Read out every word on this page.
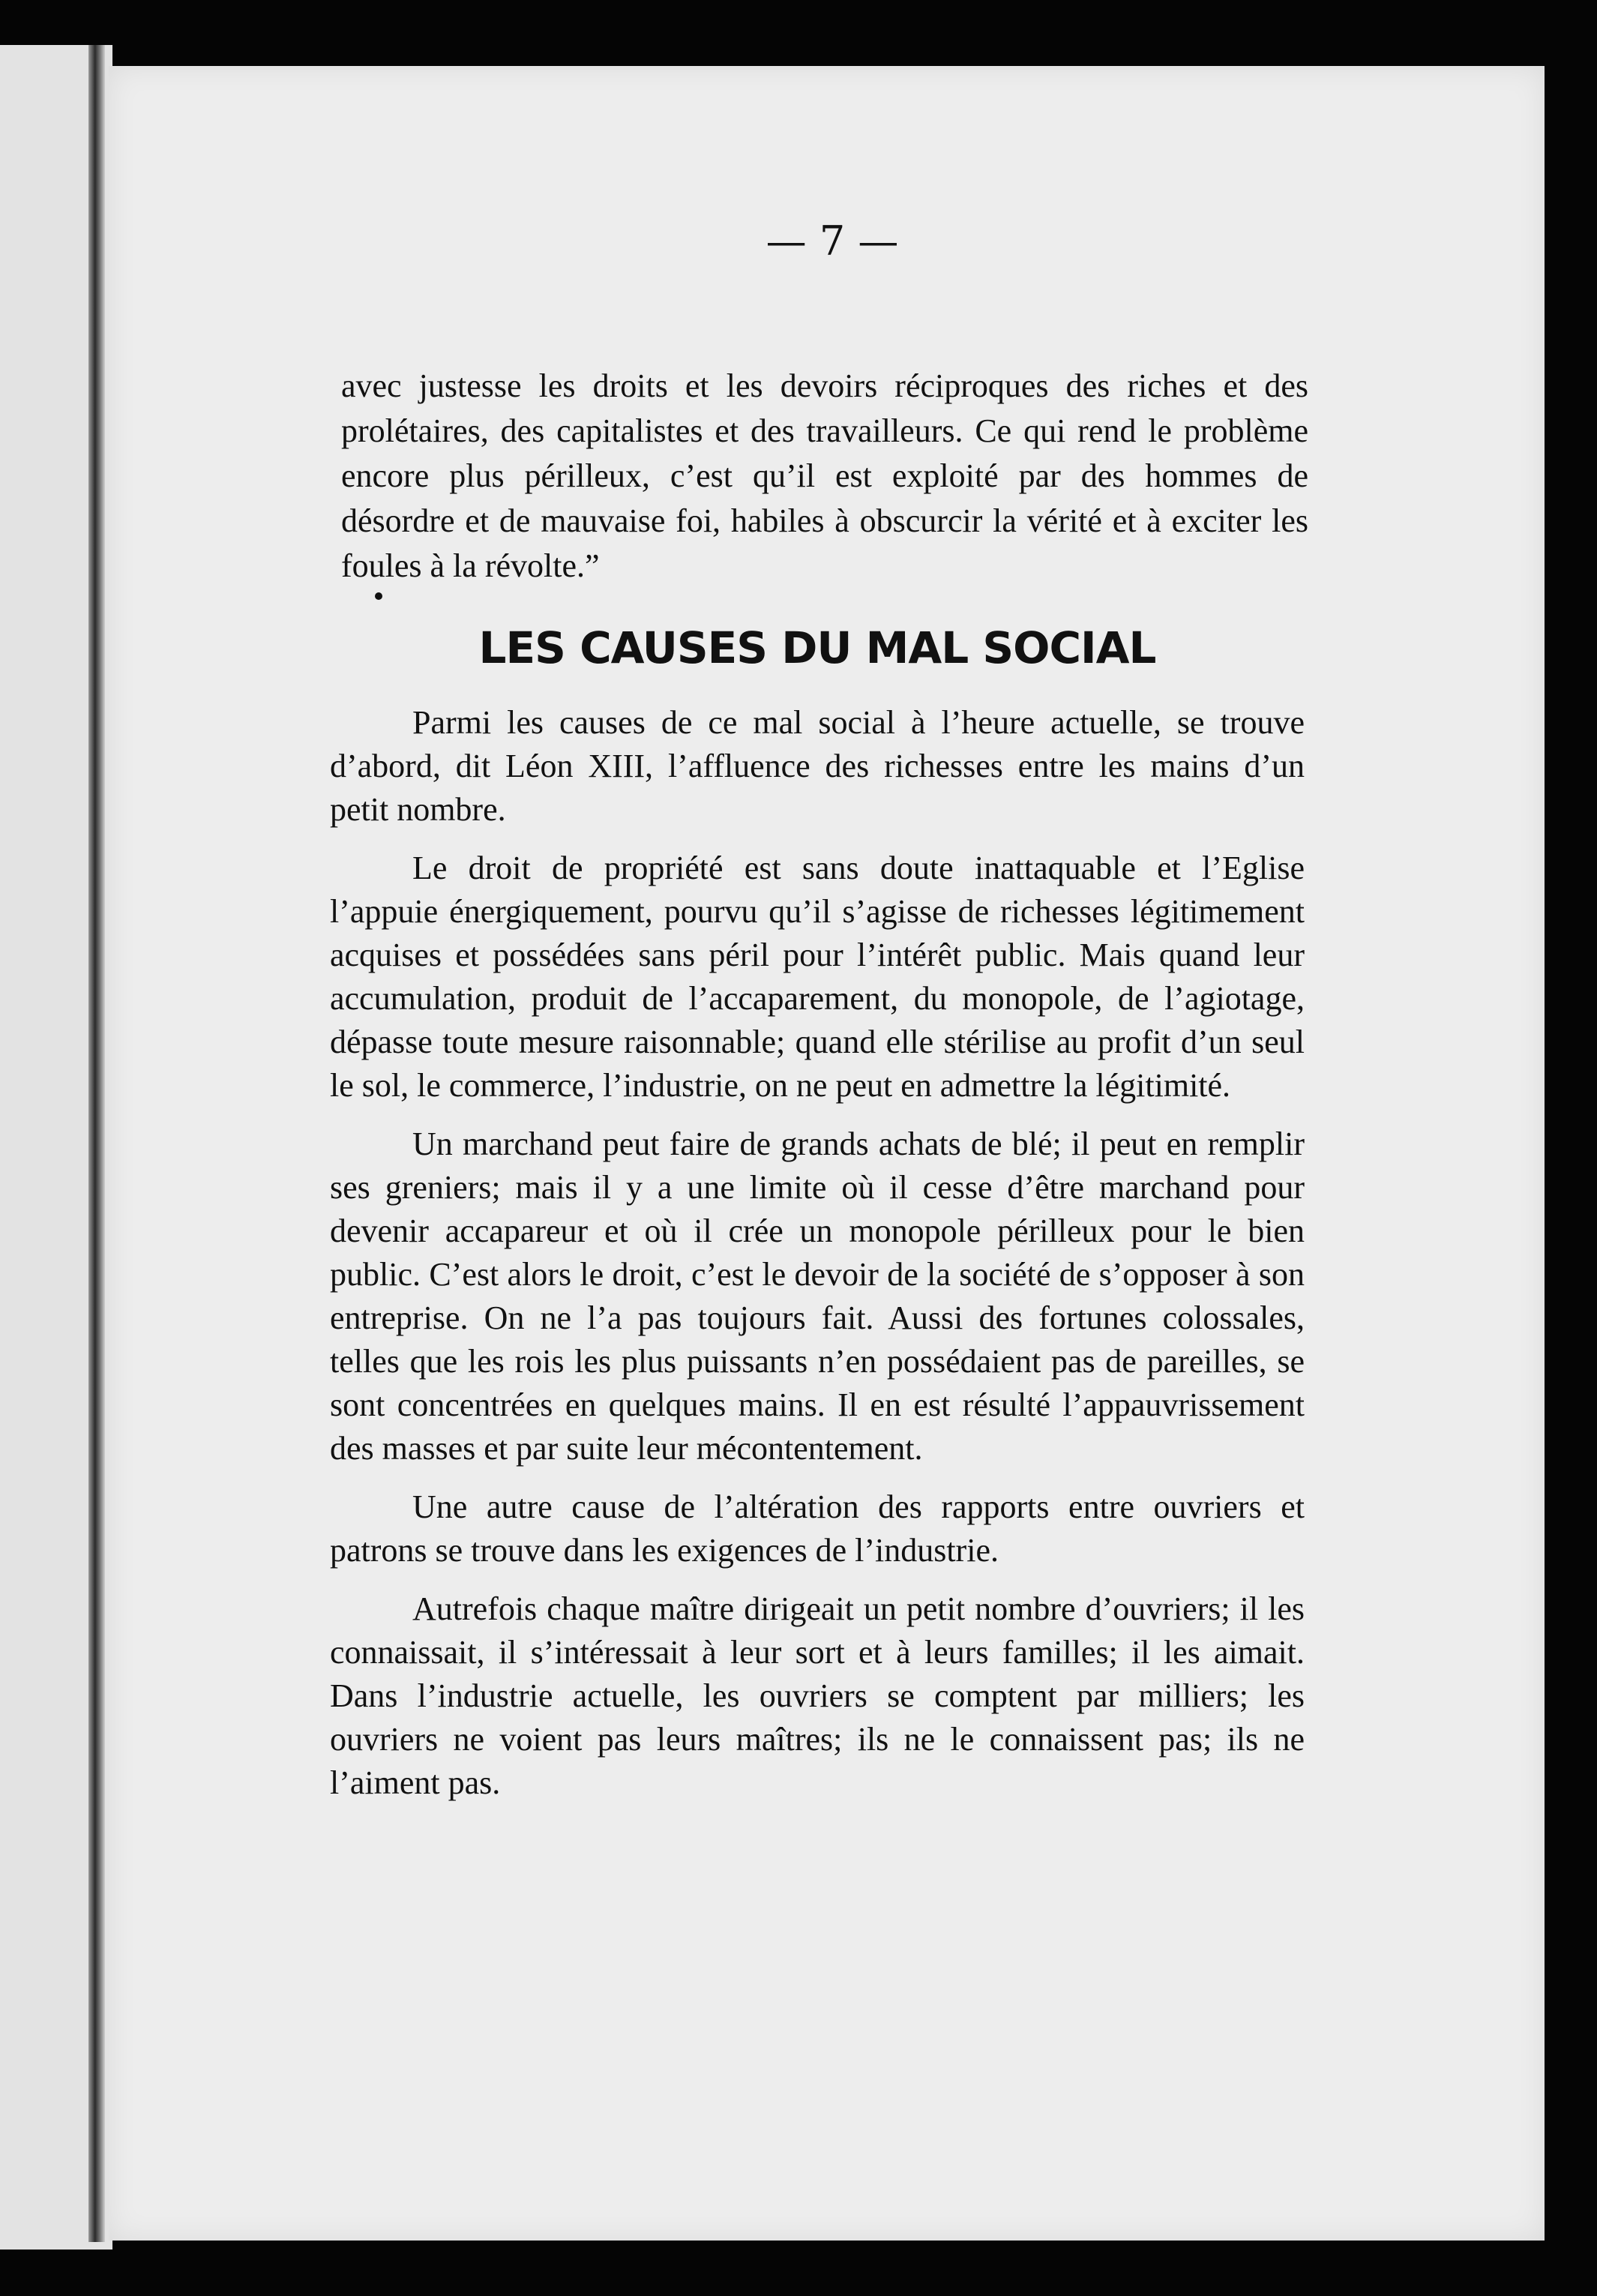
— 7 —

avec justesse les droits et les devoirs réciproques des riches et des prolétaires, des capitalistes et des travailleurs. Ce qui rend le problème encore plus périlleux, c’est qu’il est exploité par des hommes de désordre et de mauvaise foi, habiles à obscurcir la vérité et à exciter les foules à la révolte.”

LES CAUSES DU MAL SOCIAL

Parmi les causes de ce mal social à l’heure actuelle, se trouve d’abord, dit Léon XIII, l’affluence des richesses entre les mains d’un petit nombre.

Le droit de propriété est sans doute inattaquable et l’Eglise l’appuie énergiquement, pourvu qu’il s’agisse de richesses légitimement acquises et possédées sans péril pour l’intérêt public. Mais quand leur accumulation, produit de l’accaparement, du monopole, de l’agiotage, dépasse toute mesure raisonnable; quand elle stérilise au profit d’un seul le sol, le commerce, l’industrie, on ne peut en admettre la légitimité.

Un marchand peut faire de grands achats de blé; il peut en remplir ses greniers; mais il y a une limite où il cesse d’être marchand pour devenir accapareur et où il crée un monopole périlleux pour le bien public. C’est alors le droit, c’est le devoir de la société de s’opposer à son entreprise. On ne l’a pas toujours fait. Aussi des fortunes colossales, telles que les rois les plus puissants n’en possédaient pas de pareilles, se sont concentrées en quelques mains. Il en est résulté l’appauvrissement des masses et par suite leur mécontentement.

Une autre cause de l’altération des rapports entre ouvriers et patrons se trouve dans les exigences de l’industrie.

Autrefois chaque maître dirigeait un petit nombre d’ouvriers; il les connaissait, il s’intéressait à leur sort et à leurs familles; il les aimait. Dans l’industrie actuelle, les ouvriers se comptent par milliers; les ouvriers ne voient pas leurs maîtres; ils ne le connaissent pas; ils ne l’aiment pas.
